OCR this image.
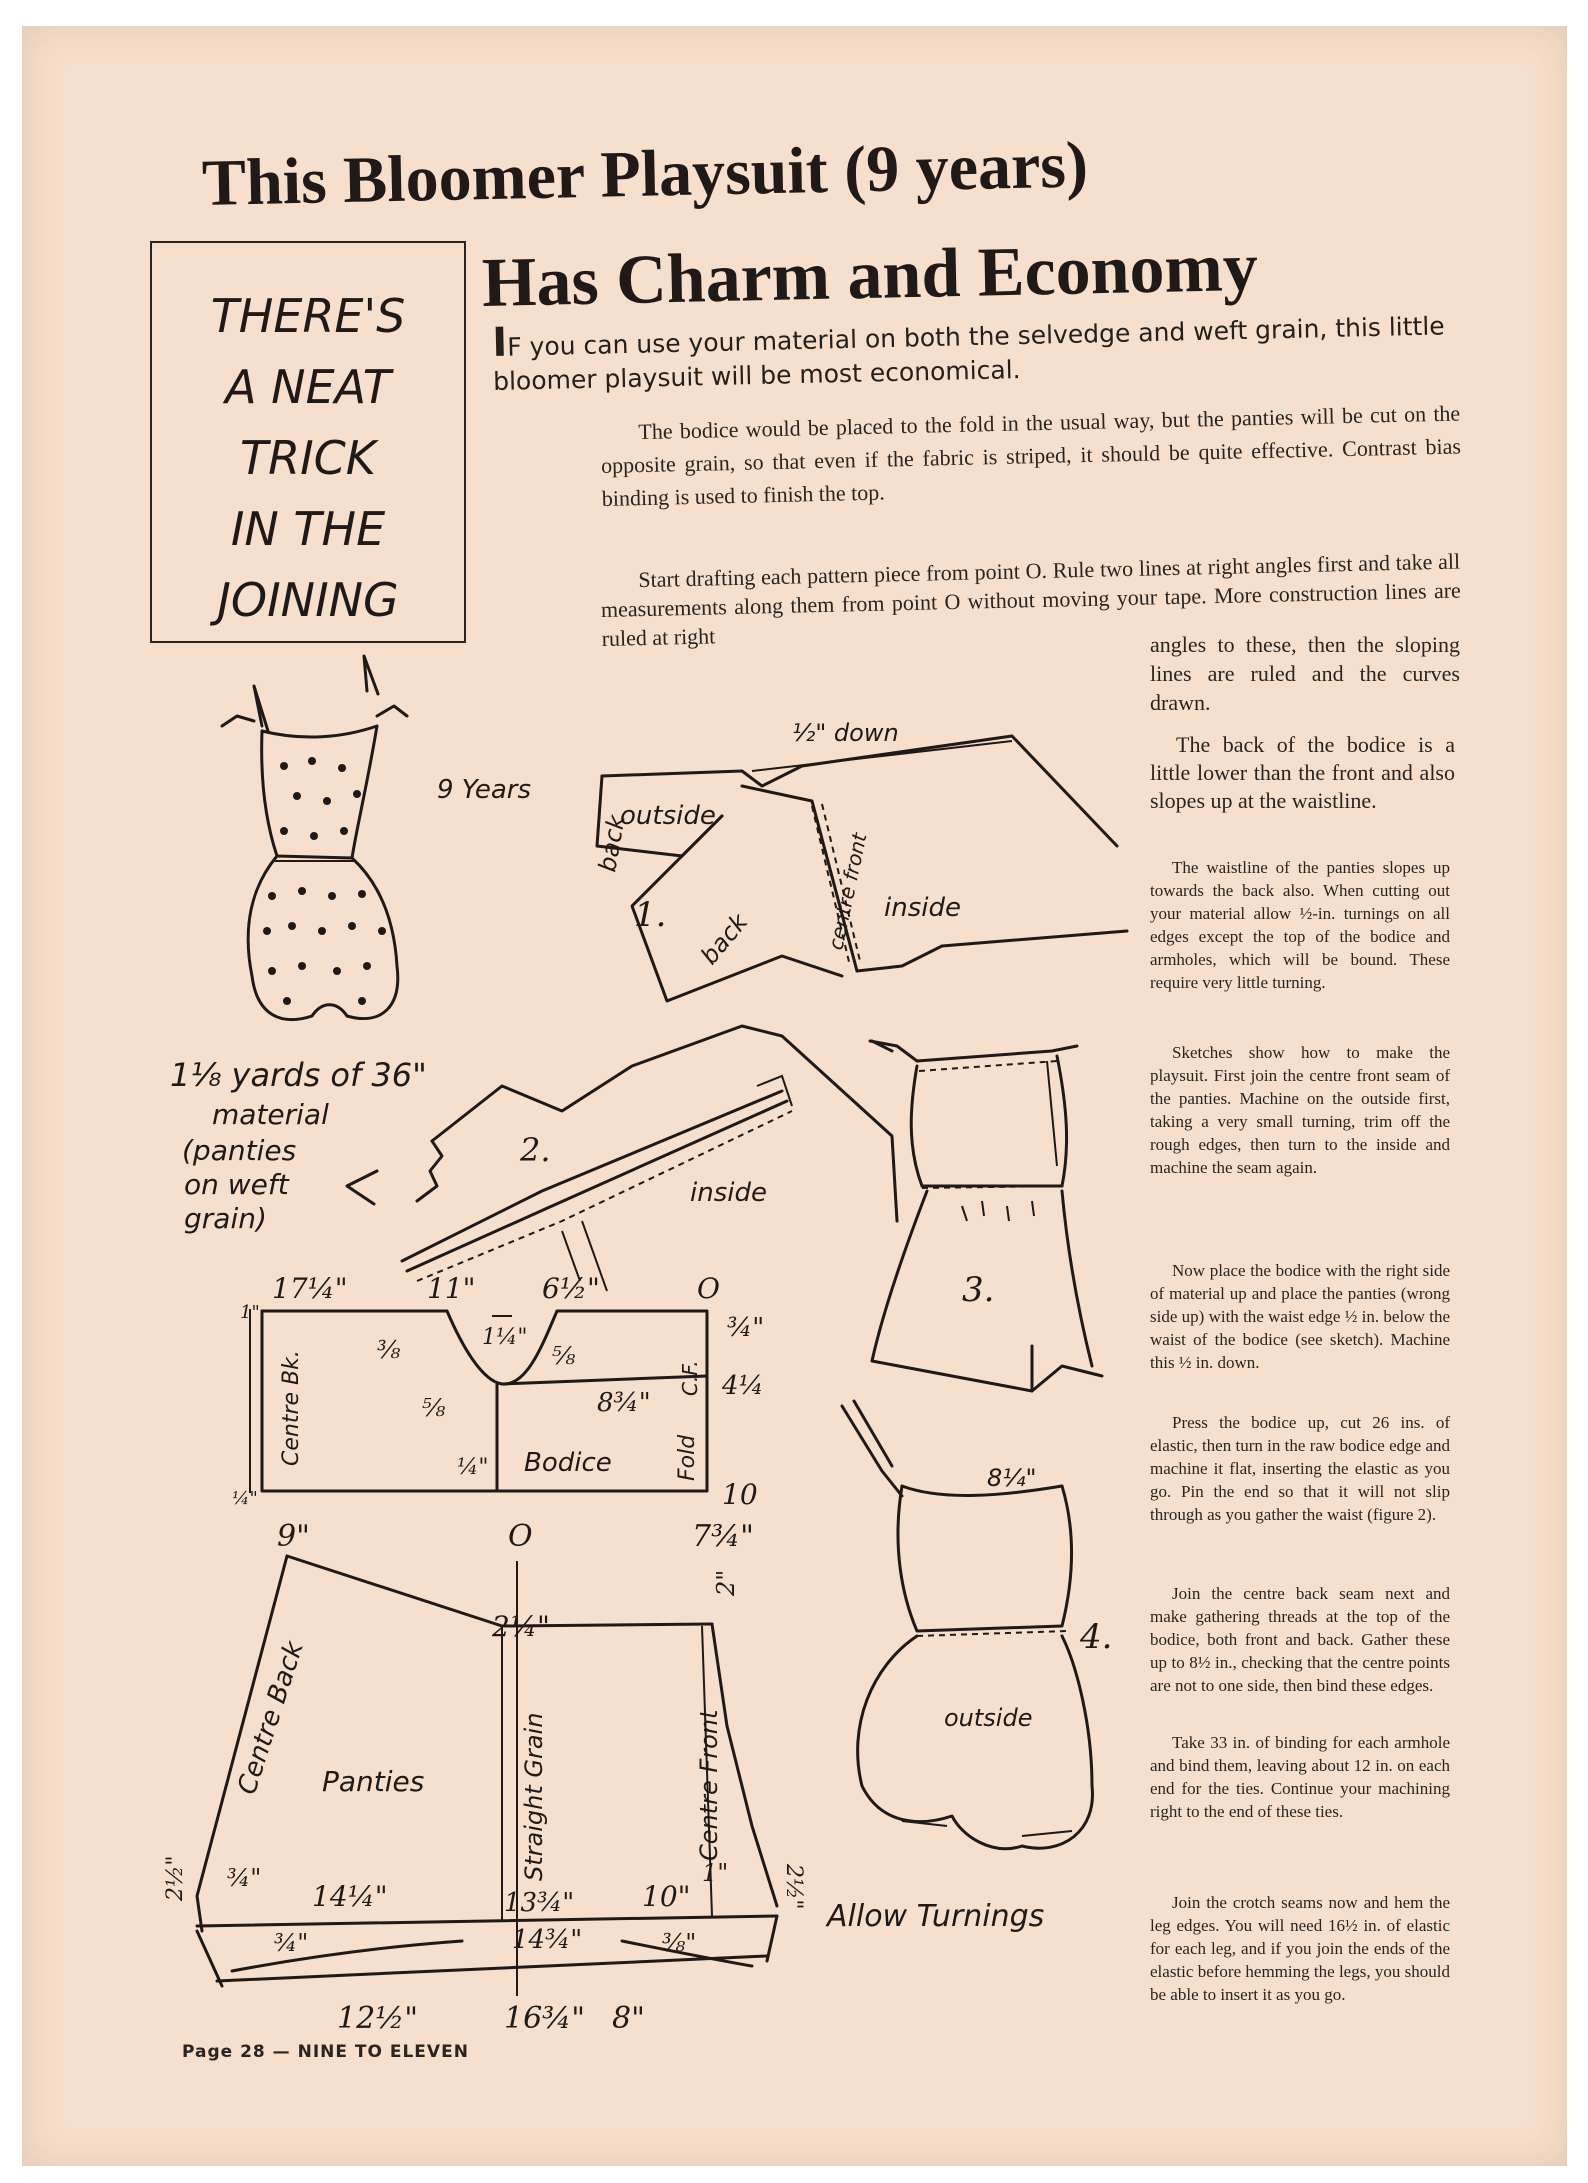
This Bloomer Playsuit (9 years)
Has Charm and Economy
THERE'S
A NEAT
TRICK
IN THE
JOINING
IF you can use your material on both the selvedge and weft grain, this little bloomer playsuit will be most economical.
The bodice would be placed to the fold in the usual way, but the panties will be cut on the opposite grain, so that even if the fabric is striped, it should be quite effective. Contrast bias binding is used to finish the top.
Start drafting each pattern piece from point O. Rule two lines at right angles first and take all measurements along them from point O without moving your tape. More construction lines are ruled at right	angles to these, then the sloping lines are ruled and the curves drawn.
The back of the bodice is a little lower than the front and also slopes up at the waistline.
The waistline of the panties slopes up towards the back also. When cutting out your material allow ½-in. turnings on all edges except the top of the bodice and armholes, which will be bound. These require very little turning.
Sketches show how to make the playsuit. First join the centre front seam of the panties. Machine on the outside first, taking a very small turning, trim off the rough edges, then turn to the inside and machine the seam again.
Now place the bodice with the right side of material up and place the panties (wrong side up) with the waist edge ½ in. below the waist of the bodice (see sketch). Machine this ½ in. down.
Press the bodice up, cut 26 ins. of elastic, then turn in the raw bodice edge and machine it flat, inserting the elastic as you go. Pin the end so that it will not slip through as you gather the waist (figure 2).
Join the centre back seam next and make gathering threads at the top of the bodice, both front and back. Gather these up to 8½ in., checking that the centre points are not to one side, then bind these edges.
Take 33 in. of binding for each armhole and bind them, leaving about 12 in. on each end for the ties. Continue your machining right to the end of these ties.
Join the crotch seams now and hem the leg edges. You will need 16½ in. of elastic for each leg, and if you join the ends of the elastic before hemming the legs, you should be able to insert it as you go.
Page 28 — NINE TO ELEVEN
9 Years
1⅛ yards of 36"
material
(panties
on weft
grain)
½" down
back
outside
back	centre front inside
1.
2.
inside
3.
8¼"
outside
4.
17¼"	11" 6½"	O
1"
¾"
4¼
10
¼"
⅜	1¼"
⅝
⅝	8¾"
¼" Bodice
Centre Bk.	C.F.
Fold
9"	O	7¾"
2"
2¼"
Centre Back	Straight Grain	Centre Front
Panties
2½" ¾"
14¼"	13¾" 10"
1" 2½"
¾"	14¾"	⅜"
12½"	16¾" 8"
Allow Turnings
